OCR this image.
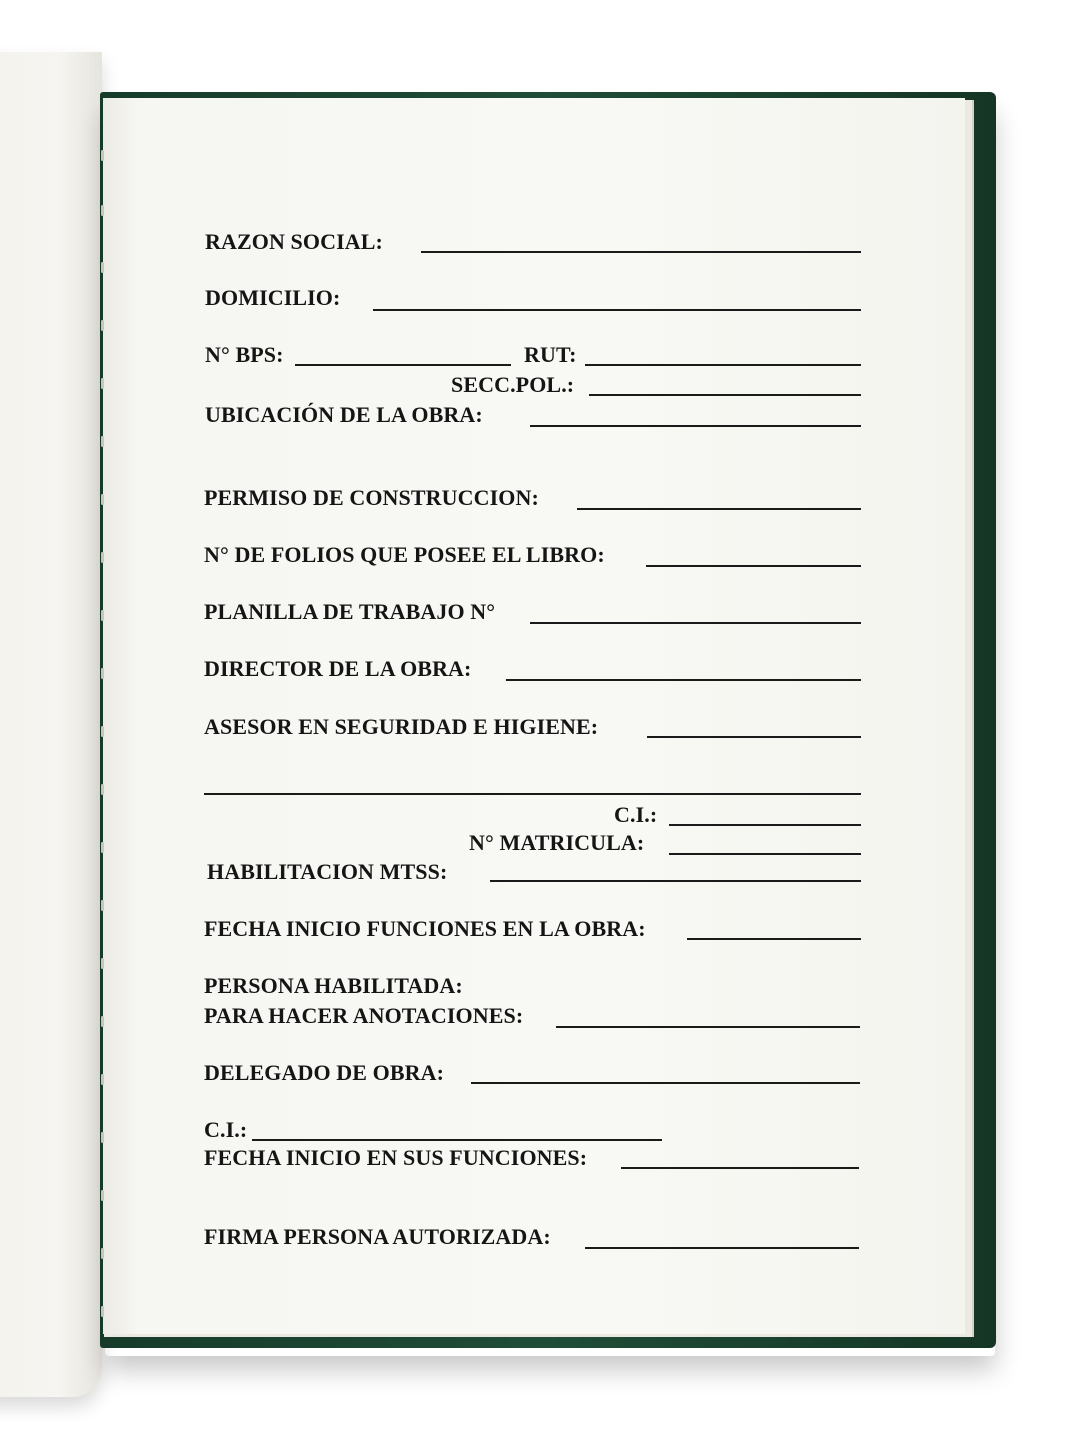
RAZON SOCIAL:
DOMICILIO:
N° BPS:	RUT:
SECC.POL.:
UBICACIÓN DE LA OBRA:
PERMISO DE CONSTRUCCION:
N° DE FOLIOS QUE POSEE EL LIBRO:
PLANILLA DE TRABAJO N°
DIRECTOR DE LA OBRA:
ASESOR EN SEGURIDAD E HIGIENE:
C.I.:
N° MATRICULA:
HABILITACION MTSS:
FECHA INICIO FUNCIONES EN LA OBRA:
PERSONA HABILITADA:
PARA HACER ANOTACIONES:
DELEGADO DE OBRA:
C.I.:
FECHA INICIO EN SUS FUNCIONES:
FIRMA PERSONA AUTORIZADA:
